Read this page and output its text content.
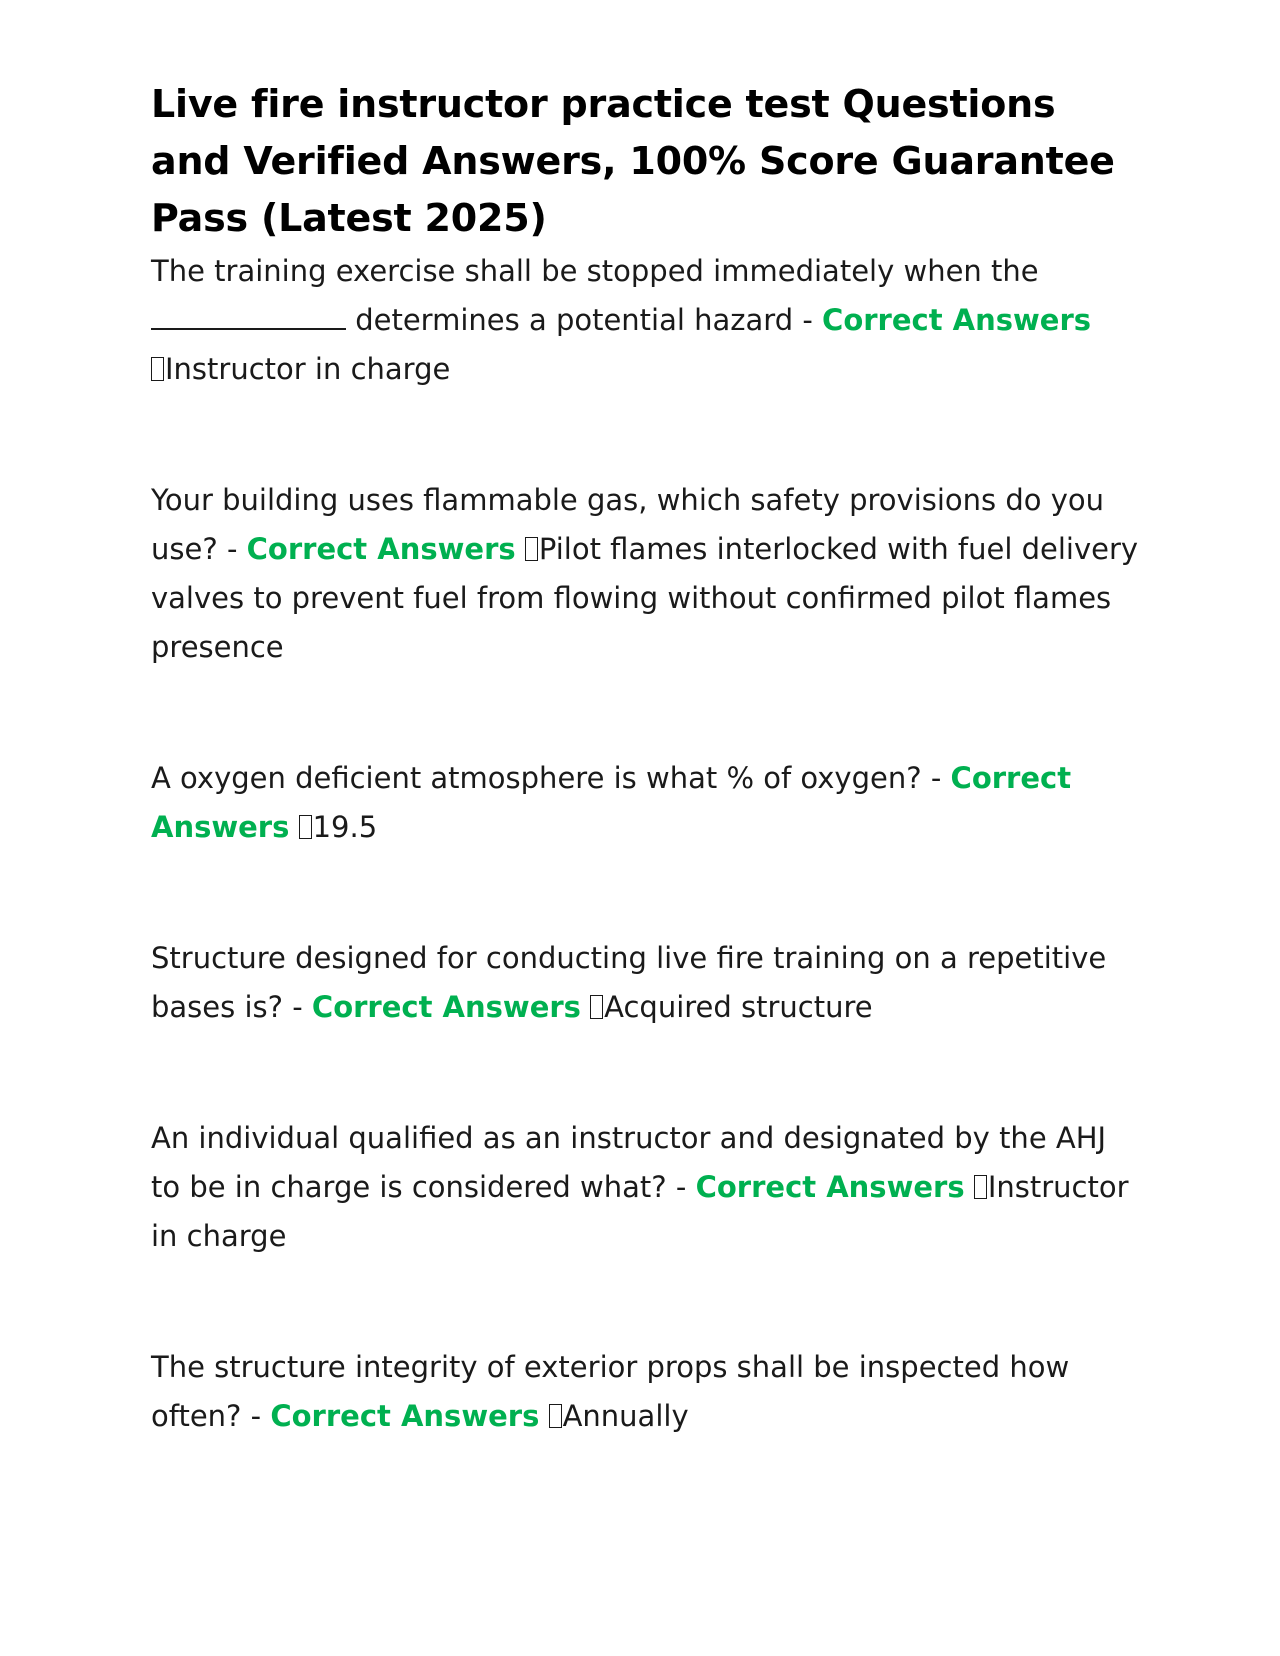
Live fire instructor practice test Questions and Verified Answers, 100% Score Guarantee Pass (Latest 2025)

The training exercise shall be stopped immediately when the
determines a potential hazard - Correct Answers
Instructor in charge

Your building uses flammable gas, which safety provisions do you use? - Correct Answers Pilot flames interlocked with fuel delivery valves to prevent fuel from flowing without confirmed pilot flames presence

A oxygen deficient atmosphere is what % of oxygen? - Correct Answers 19.5

Structure designed for conducting live fire training on a repetitive bases is? - Correct Answers Acquired structure

An individual qualified as an instructor and designated by the AHJ to be in charge is considered what? - Correct Answers Instructor in charge

The structure integrity of exterior props shall be inspected how often? - Correct Answers Annually
